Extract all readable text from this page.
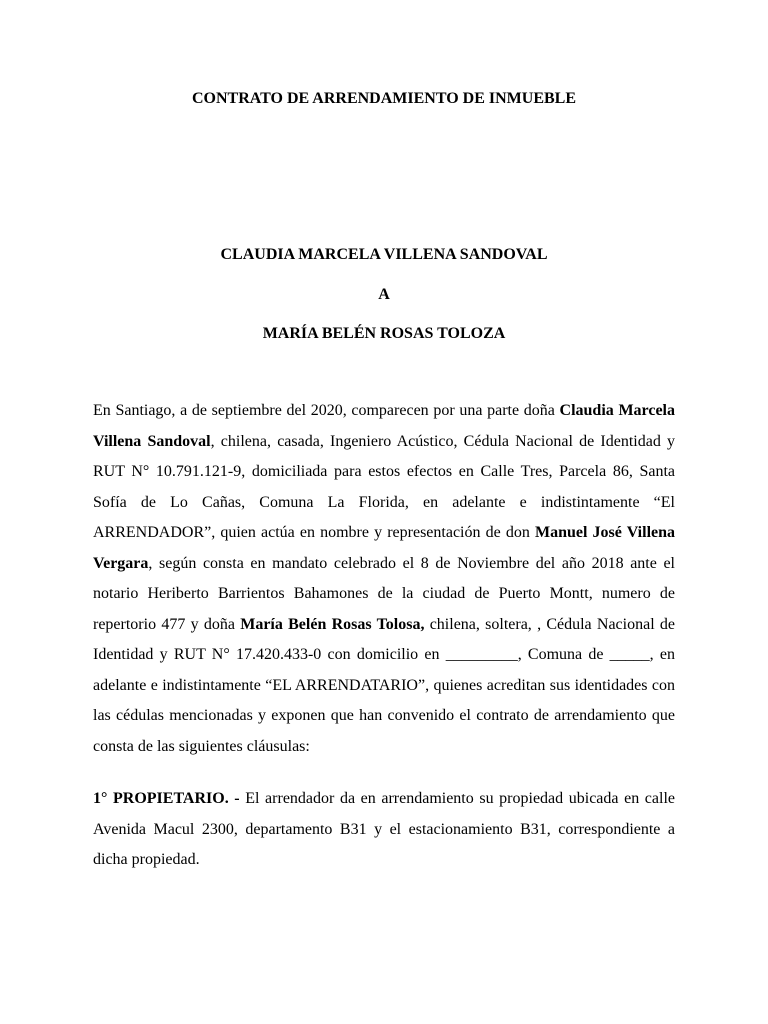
CONTRATO DE ARRENDAMIENTO DE INMUEBLE
CLAUDIA MARCELA VILLENA SANDOVAL
A
MARÍA BELÉN ROSAS TOLOZA

En Santiago, a de septiembre del 2020, comparecen por una parte doña Claudia Marcela Villena Sandoval, chilena, casada, Ingeniero Acústico, Cédula Nacional de Identidad y RUT N° 10.791.121-9, domiciliada para estos efectos en Calle Tres, Parcela 86, Santa Sofía de Lo Cañas, Comuna La Florida, en adelante e indistintamente “El ARRENDADOR”, quien actúa en nombre y representación de don Manuel José Villena Vergara, según consta en mandato celebrado el 8 de Noviembre del año 2018 ante el notario Heriberto Barrientos Bahamones de la ciudad de Puerto Montt, numero de repertorio 477 y doña María Belén Rosas Tolosa, chilena, soltera, , Cédula Nacional de Identidad y RUT N° 17.420.433-0 con domicilio en _________, Comuna de _____, en adelante e indistintamente “EL ARRENDATARIO”, quienes acreditan sus identidades con las cédulas mencionadas y exponen que han convenido el contrato de arrendamiento que consta de las siguientes cláusulas:

1° PROPIETARIO. - El arrendador da en arrendamiento su propiedad ubicada en calle Avenida Macul 2300, departamento B31 y el estacionamiento B31, correspondiente a dicha propiedad.
